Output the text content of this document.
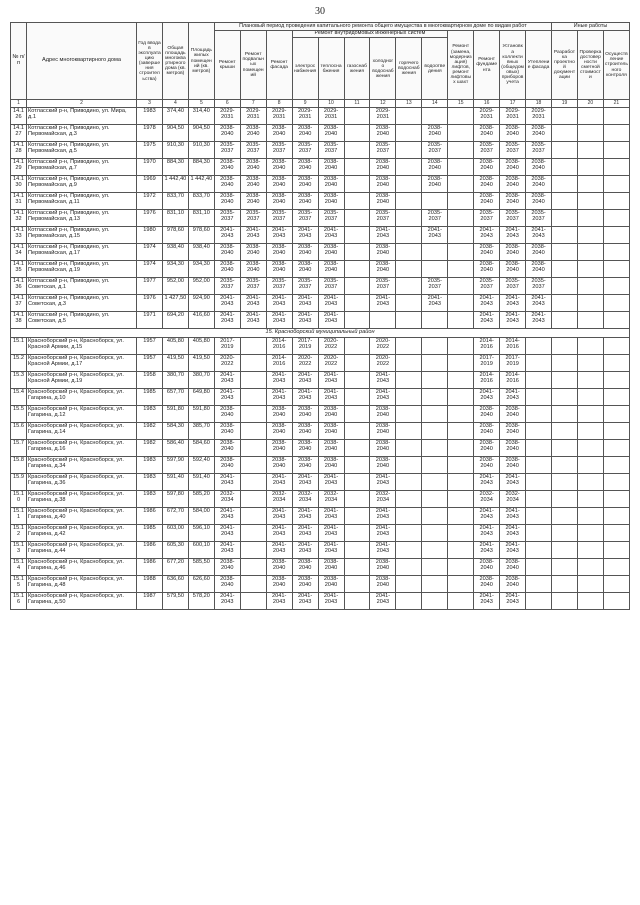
30
№ п/п	Адрес многоквартирного дома	Год ввода в эксплуатацию (завершения строительства)	Общая площадь многоквартирного дома (кв. метров)	Площадь жилых помещений (кв. метров)	Плановый период проведения капитального ремонта общего имущества в многоквартирном доме по видам работ													Иные работы		
					Ремонт крыши	Ремонт подвальных помещений	Ремонт фасада	Ремонт внутридомовых инженерных систем						Ремонт (замена, модернизация) лифтов, ремонт лифтовых шахт	Ремонт фундамента	Установка коллективных (общедомовых) приборов учета	Утепление фасада	Разработка проектной документации	Проверка достоверности сметной стоимости	Осуществление строительного контроля
								электроснабжения	теплоснабжения	газоснабжения	холодного водоснабжения	горячего водоснабжения	водоотведения							
1	2	3	4	5	6	7	8	9	10	11	12	13	14	15	16	17	18	19	20	21
14.126	Котласский р-н, Приводино, ул. Мира, д.1	1983	374,40	314,40	2029-2031	2029-2031	2029-2031	2029-2031	2029-2031		2029-2031				2029-2031	2029-2031	2029-2031			
14.127	Котласский р-н, Приводино, ул. Первомайская, д.3	1978	904,50	904,50	2038-2040	2038-2040	2038-2040	2038-2040	2038-2040		2038-2040		2038-2040		2038-2040	2038-2040	2038-2040			
14.128	Котласский р-н, Приводино, ул. Первомайская, д.5	1975	910,30	910,30	2035-2037	2035-2037	2035-2037	2035-2037	2035-2037		2035-2037		2035-2037		2035-2037	2035-2037	2035-2037			
14.129	Котласский р-н, Приводино, ул. Первомайская, д.7	1970	884,30	884,30	2038-2040	2038-2040	2038-2040	2038-2040	2038-2040		2038-2040		2038-2040		2038-2040	2038-2040	2038-2040			
14.130	Котласский р-н, Приводино, ул. Первомайская, д.9	1969	1 442,40	1 442,40	2038-2040	2038-2040	2038-2040	2038-2040	2038-2040		2038-2040		2038-2040		2038-2040	2038-2040	2038-2040			
14.131	Котласский р-н, Приводино, ул. Первомайская, д.11	1972	833,70	833,70	2038-2040	2038-2040	2038-2040	2038-2040	2038-2040		2038-2040				2038-2040	2038-2040	2038-2040			
14.132	Котласский р-н, Приводино, ул. Первомайская, д.13	1976	831,10	831,10	2035-2037	2035-2037	2035-2037	2035-2037	2035-2037		2035-2037		2035-2037		2035-2037	2035-2037	2035-2037			
14.133	Котласский р-н, Приводино, ул. Первомайская, д.15	1980	978,60	978,60	2041-2043	2041-2043	2041-2043	2041-2043	2041-2043		2041-2043		2041-2043		2041-2043	2041-2043	2041-2043			
14.134	Котласский р-н, Приводино, ул. Первомайская, д.17	1974	938,40	938,40	2038-2040	2038-2040	2038-2040	2038-2040	2038-2040		2038-2040				2038-2040	2038-2040	2038-2040			
14.135	Котласский р-н, Приводино, ул. Первомайская, д.19	1974	934,30	934,30	2038-2040	2038-2040	2038-2040	2038-2040	2038-2040		2038-2040				2038-2040	2038-2040	2038-2040			
14.136	Котласский р-н, Приводино, ул. Советская, д.1	1977	952,00	952,00	2035-2037	2035-2037	2035-2037	2035-2037	2035-2037		2035-2037		2035-2037		2035-2037	2035-2037	2035-2037			
14.137	Котласский р-н, Приводино, ул. Советская, д.3	1976	1 427,50	924,90	2041-2043	2041-2043	2041-2043	2041-2043	2041-2043		2041-2043		2041-2043		2041-2043	2041-2043	2041-2043			
14.138	Котласский р-н, Приводино, ул. Советская, д.5	1971	694,20	416,60	2041-2043	2041-2043	2041-2043	2041-2043	2041-2043						2041-2043	2041-2043	2041-2043			
15. Красноборский муниципальный район																				
15.1	Красноборский р-н, Красноборск, ул. Красной Армии, д.15	1957	405,80	405,80	2017-2019		2014-2016	2017-2019	2020-2022		2020-2022				2014-2016	2014-2016				
15.2	Красноборский р-н, Красноборск, ул. Красной Армии, д.17	1957	419,50	419,50	2020-2022		2014-2016	2020-2022	2020-2022		2020-2022				2017-2019	2017-2019				
15.3	Красноборский р-н, Красноборск, ул. Красной Армии, д.19	1958	380,70	380,70	2041-2043		2041-2043	2041-2043	2041-2043		2041-2043				2014-2016	2014-2016				
15.4	Красноборский р-н, Красноборск, ул. Гагарина, д.10	1985	657,70	649,80	2041-2043		2041-2043	2041-2043	2041-2043		2041-2043				2041-2043	2041-2043				
15.5	Красноборский р-н, Красноборск, ул. Гагарина, д.12	1983	591,80	591,80	2038-2040		2038-2040	2038-2040	2038-2040		2038-2040				2038-2040	2038-2040				
15.6	Красноборский р-н, Красноборск, ул. Гагарина, д.14	1982	584,30	385,70	2038-2040		2038-2040	2038-2040	2038-2040		2038-2040				2038-2040	2038-2040				
15.7	Красноборский р-н, Красноборск, ул. Гагарина, д.16	1982	586,40	584,60	2038-2040		2038-2040	2038-2040	2038-2040		2038-2040				2038-2040	2038-2040				
15.8	Красноборский р-н, Красноборск, ул. Гагарина, д.34	1983	597,90	592,40	2038-2040		2038-2040	2038-2040	2038-2040		2038-2040				2038-2040	2038-2040				
15.9	Красноборский р-н, Красноборск, ул. Гагарина, д.36	1983	591,40	591,40	2041-2043		2041-2043	2041-2043	2041-2043		2041-2043				2041-2043	2041-2043				
15.10	Красноборский р-н, Красноборск, ул. Гагарина, д.38	1983	597,80	585,20	2032-2034		2032-2034	2032-2034	2032-2034		2032-2034				2032-2034	2032-2034				
15.11	Красноборский р-н, Красноборск, ул. Гагарина, д.40	1986	672,70	584,00	2041-2043		2041-2043	2041-2043	2041-2043		2041-2043				2041-2043	2041-2043				
15.12	Красноборский р-н, Красноборск, ул. Гагарина, д.42	1985	603,00	596,10	2041-2043		2041-2043	2041-2043	2041-2043		2041-2043				2041-2043	2041-2043				
15.13	Красноборский р-н, Красноборск, ул. Гагарина, д.44	1986	605,30	600,10	2041-2043		2041-2043	2041-2043	2041-2043		2041-2043				2041-2043	2041-2043				
15.14	Красноборский р-н, Красноборск, ул. Гагарина, д.46	1986	677,20	585,50	2038-2040		2038-2040	2038-2040	2038-2040		2038-2040				2038-2040	2038-2040				
15.15	Красноборский р-н, Красноборск, ул. Гагарина, д.48	1988	636,60	626,60	2038-2040		2038-2040	2038-2040	2038-2040		2038-2040				2038-2040	2038-2040				
15.16	Красноборский р-н, Красноборск, ул. Гагарина, д.50	1987	579,50	578,20	2041-2043		2041-2043	2041-2043	2041-2043		2041-2043				2041-2043	2041-2043				
